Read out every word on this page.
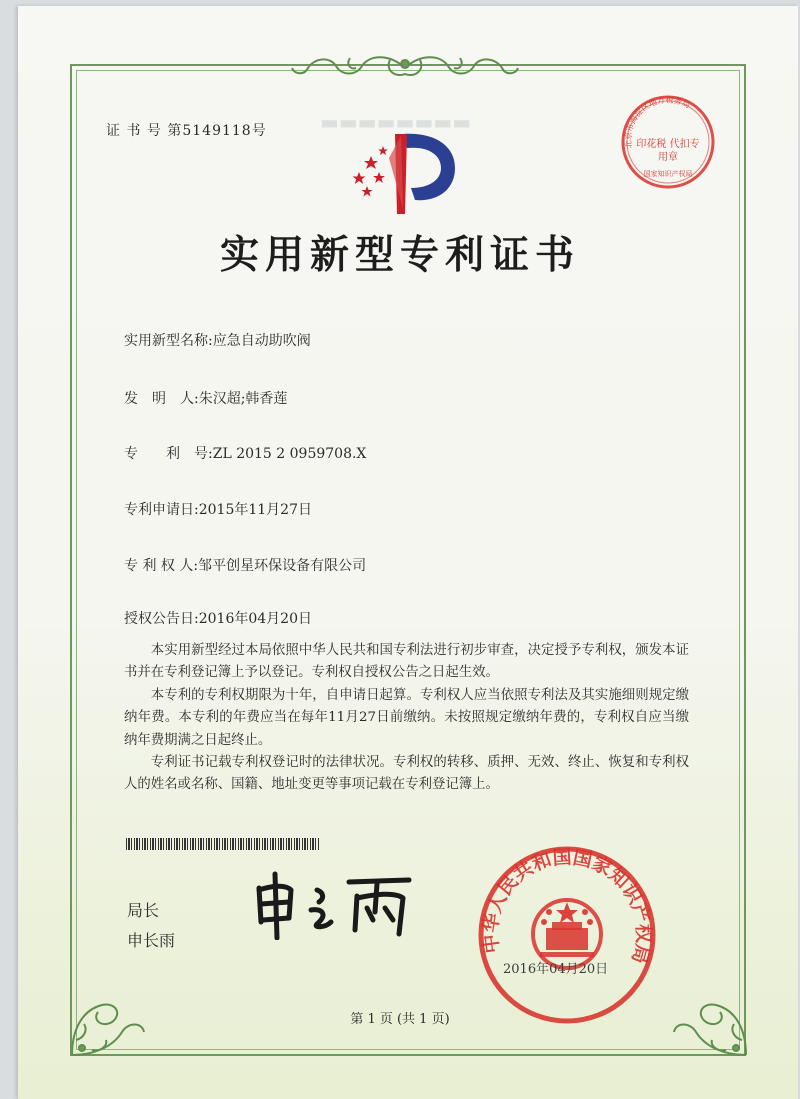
▬▬▬▬▬▬▬▬
证 书 号 第5149118号
北京市海淀区地方税务局
国家知识产权局
印花税 代扣专用章
实用新型专利证书
实用新型名称:应急自动助吹阀
发　明　人:朱汉超;韩香莲
专　　利　号:ZL 2015 2 0959708.X
专利申请日:2015年11月27日
专 利 权 人:邹平创星环保设备有限公司
授权公告日:2016年04月20日

本实用新型经过本局依照中华人民共和国专利法进行初步审查，决定授予专利权，颁发本证书并在专利登记簿上予以登记。专利权自授权公告之日起生效。

本专利的专利权期限为十年，自申请日起算。专利权人应当依照专利法及其实施细则规定缴纳年费。本专利的年费应当在每年11月27日前缴纳。未按照规定缴纳年费的，专利权自应当缴纳年费期满之日起终止。

专利证书记载专利权登记时的法律状况。专利权的转移、质押、无效、终止、恢复和专利权人的姓名或名称、国籍、地址变更等事项记载在专利登记簿上。

局长
申长雨	中华人民共和国国家知识产权局
2016年04月20日
第 1 页 (共 1 页)
